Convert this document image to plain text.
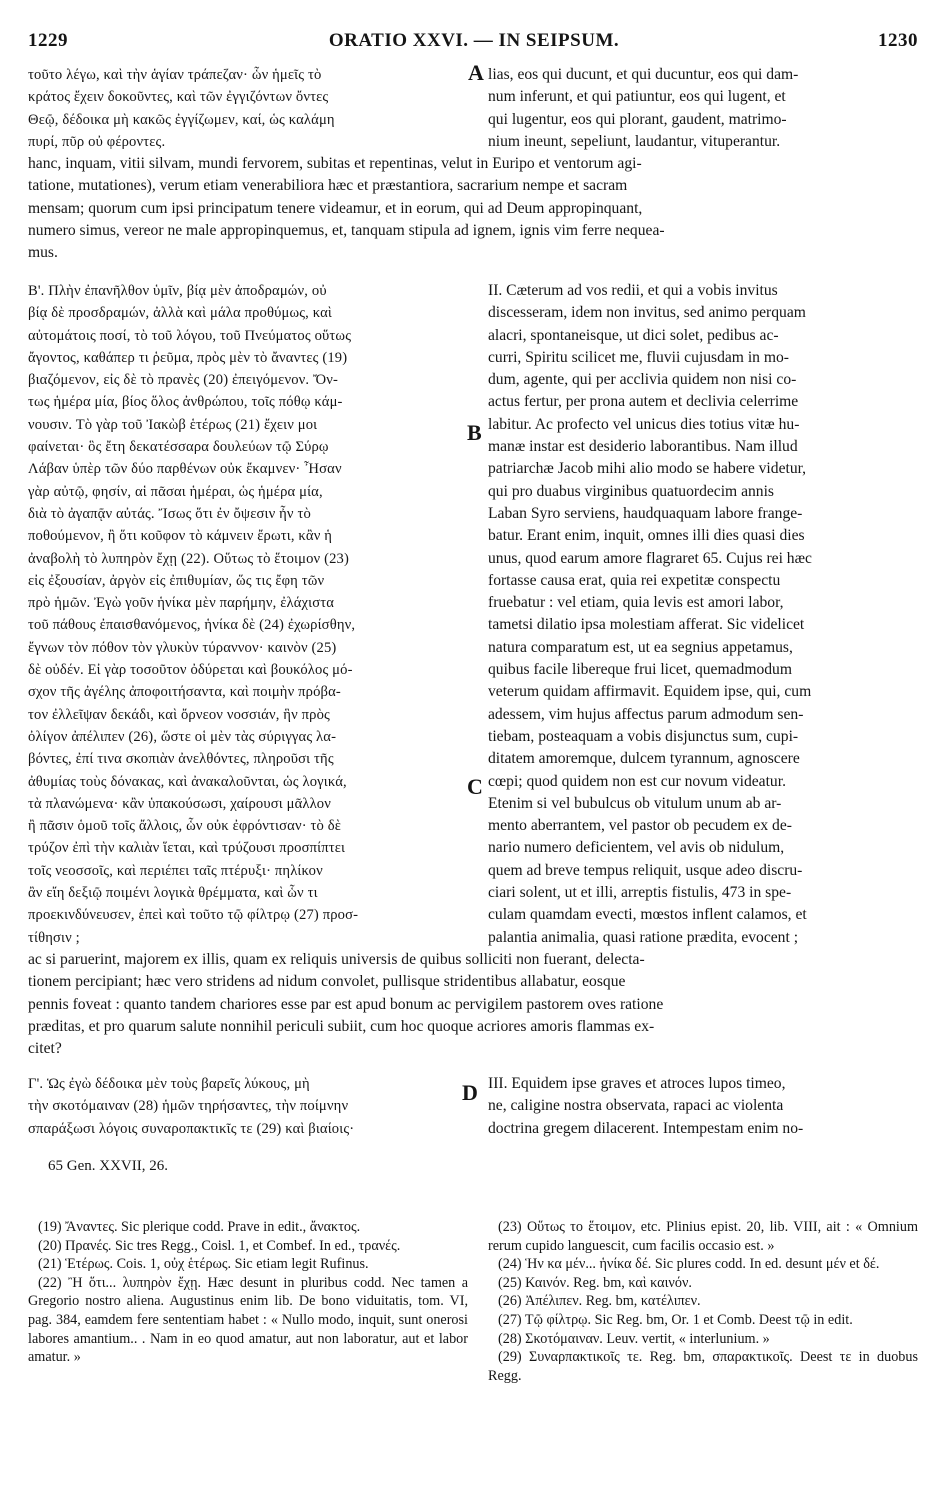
1229	ORATIO XXVI. — IN SEIPSUM.	1230
τοῦτο λέγω, καὶ τὴν ἁγίαν τράπεζαν· ὧν ἡμεῖς τὸ
κράτος ἔχειν δοκοῦντες, καὶ τῶν ἐγγιζόντων ὄντες
Θεῷ, δέδοικα μὴ κακῶς ἐγγίζωμεν, καί, ὡς καλάμη
πυρί, πῦρ οὐ φέροντες.
A lias, eos qui ducunt, et qui ducuntur, eos qui dam-
num inferunt, et qui patiuntur, eos qui lugent, et
qui lugentur, eos qui plorant, gaudent, matrimo-
nium ineunt, sepeliunt, laudantur, vituperantur.
hanc, inquam, vitii silvam, mundi fervorem, subitas et repentinas, velut in Euripo et ventorum agi-
tatione, mutationes), verum etiam venerabiliora hæc et præstantiora, sacrarium nempe et sacram
mensam; quorum cum ipsi principatum tenere videamur, et in eorum, qui ad Deum appropinquant,
numero simus, vereor ne male appropinquemus, et, tanquam stipula ad ignem, ignis vim ferre nequea-
mus.
Β'. Πλὴν ἐπανῆλθον ὑμῖν, βίᾳ μὲν ἀποδραμών, οὐ
βίᾳ δὲ προσδραμών, ἀλλὰ καὶ μάλα προθύμως, καὶ
αὐτομάτοις ποσί, τὸ τοῦ λόγου, τοῦ Πνεύματος οὕτως
ἄγοντος, καθάπερ τι ῥεῦμα, πρὸς μὲν τὸ ἄναντες (19)
βιαζόμενον, εἰς δὲ τὸ πρανὲς (20) ἐπειγόμενον. Ὄν-
τως ἡμέρα μία, βίος ὅλος ἀνθρώπου, τοῖς πόθῳ κάμ-
νουσιν. Τὸ γὰρ τοῦ Ἰακὼβ ἑτέρως (21) ἔχειν μοι
φαίνεται· ὃς ἔτη δεκατέσσαρα δουλεύων τῷ Σύρῳ
Λάβαν ὑπὲρ τῶν δύο παρθένων οὐκ ἔκαμνεν· Ἦσαν
γὰρ αὐτῷ, φησίν, αἱ πᾶσαι ἡμέραι, ὡς ἡμέρα μία,
διὰ τὸ ἀγαπᾷν αὐτάς. Ἴσως ὅτι ἐν ὄψεσιν ἦν τὸ
ποθούμενον, ἢ ὅτι κοῦφον τὸ κάμνειν ἔρωτι, κἂν ἡ
ἀναβολὴ τὸ λυπηρὸν ἔχῃ (22). Οὕτως τὸ ἕτοιμον (23)
εἰς ἐξουσίαν, ἀργὸν εἰς ἐπιθυμίαν, ὥς τις ἔφη τῶν
πρὸ ἡμῶν. Ἐγὼ γοῦν ἡνίκα μὲν παρήμην, ἐλάχιστα
τοῦ πάθους ἐπαισθανόμενος, ἡνίκα δὲ (24) ἐχωρίσθην,
ἔγνων τὸν πόθον τὸν γλυκὺν τύραννον· καινὸν (25)
δὲ οὐδέν. Εἰ γὰρ τοσοῦτον ὀδύρεται καὶ βουκόλος μό-
σχον τῆς ἀγέλης ἀποφοιτήσαντα, καὶ ποιμὴν πρόβα-
τον ἐλλεῖψαν δεκάδι, καὶ ὄρνεον νοσσιάν, ἣν πρὸς
ὀλίγον ἀπέλιπεν (26), ὥστε οἱ μὲν τὰς σύριγγας λα-
βόντες, ἐπί τινα σκοπιὰν ἀνελθόντες, πληροῦσι τῆς
ἀθυμίας τοὺς δόνακας, καὶ ἀνακαλοῦνται, ὡς λογικά,
τὰ πλανώμενα· κἂν ὑπακούσωσι, χαίρουσι μᾶλλον
ἢ πᾶσιν ὁμοῦ τοῖς ἄλλοις, ὧν οὐκ ἐφρόντισαν· τὸ δὲ
τρύζον ἐπὶ τὴν καλιὰν ἵεται, καὶ τρύζουσι προσπίπτει
τοῖς νεοσσοῖς, καὶ περιέπει ταῖς πτέρυξι· πηλίκον
ἂν εἴη δεξιῷ ποιμένι λογικὰ θρέμματα, καὶ ὧν τι
προεκινδύνευσεν, ἐπεὶ καὶ τοῦτο τῷ φίλτρῳ (27) προσ-
τίθησιν ;
B
C
II. Cæterum ad vos redii, et qui a vobis invitus
discesseram, idem non invitus, sed animo perquam
alacri, spontaneisque, ut dici solet, pedibus ac-
curri, Spiritu scilicet me, fluvii cujusdam in mo-
dum, agente, qui per acclivia quidem non nisi co-
actus fertur, per prona autem et declivia celerrime
labitur. Ac profecto vel unicus dies totius vitæ hu-
manæ instar est desiderio laborantibus. Nam illud
patriarchæ Jacob mihi alio modo se habere videtur,
qui pro duabus virginibus quatuordecim annis
Laban Syro serviens, haudquaquam labore frange-
batur. Erant enim, inquit, omnes illi dies quasi dies
unus, quod earum amore flagraret 65. Cujus rei hæc
fortasse causa erat, quia rei expetitæ conspectu
fruebatur : vel etiam, quia levis est amori labor,
tametsi dilatio ipsa molestiam afferat. Sic videlicet
natura comparatum est, ut ea segnius appetamus,
quibus facile libereque frui licet, quemadmodum
veterum quidam affirmavit. Equidem ipse, qui, cum
adessem, vim hujus affectus parum admodum sen-
tiebam, posteaquam a vobis disjunctus sum, cupi-
ditatem amoremque, dulcem tyrannum, agnoscere
cœpi; quod quidem non est cur novum videatur.
Etenim si vel bubulcus ob vitulum unum ab ar-
mento aberrantem, vel pastor ob pecudem ex de-
nario numero deficientem, vel avis ob nidulum,
quem ad breve tempus reliquit, usque adeo discru-
ciari solent, ut et illi, arreptis fistulis, 473 in spe-
culam quamdam evecti, mœstos inflent calamos, et
palantia animalia, quasi ratione prædita, evocent ;
ac si paruerint, majorem ex illis, quam ex reliquis universis de quibus solliciti non fuerant, delecta-
tionem percipiant; hæc vero stridens ad nidum convolet, pullisque stridentibus allabatur, eosque
pennis foveat : quanto tandem chariores esse par est apud bonum ac pervigilem pastorem oves ratione
præditas, et pro quarum salute nonnihil periculi subiit, cum hoc quoque acriores amoris flammas ex-
citet?
Γ'. Ὡς ἐγὼ δέδοικα μὲν τοὺς βαρεῖς λύκους, μὴ
τὴν σκοτόμαιναν (28) ἡμῶν τηρήσαντες, τὴν ποίμνην
σπαράξωσι λόγοις συναροπακτικῖς τε (29) καὶ βιαίοις·
D III. Equidem ipse graves et atroces lupos timeo,
ne, caligine nostra observata, rapaci ac violenta
doctrina gregem dilacerent. Intempestam enim no-
65 Gen. XXVII, 26.

(19) Ἄναντες. Sic plerique codd. Prave in edit., ἄνακτος.

(20) Πρανές. Sic tres Regg., Coisl. 1, et Combef. In ed., τρανές.

(21) Ἑτέρως. Cois. 1, οὐχ ἑτέρως. Sic etiam legit Rufinus.

(22) Ἢ ὅτι... λυπηρὸν ἔχῃ. Hæc desunt in pluribus codd. Nec tamen a Gregorio nostro aliena. Augustinus enim lib. De bono viduitatis, tom. VI, pag. 384, eamdem fere sententiam habet : « Nullo modo, inquit, sunt onerosi labores amantium.. . Nam in eo quod amatur, aut non laboratur, aut et labor amatur. »

(23) Οὕτως το ἕτοιμον, etc. Plinius epist. 20, lib. VIII, ait : « Omnium rerum cupido languescit, cum facilis occasio est. »

(24) Ἡν κα μέν... ἡνίκα δέ. Sic plures codd. In ed. desunt μέν et δέ.

(25) Καινόν. Reg. bm, καὶ καινόν.

(26) Ἀπέλιπεν. Reg. bm, κατέλιπεν.

(27) Τῷ φίλτρῳ. Sic Reg. bm, Or. 1 et Comb. Deest τῷ in edit.

(28) Σκοτόμαιναν. Leuv. vertit, « interlunium. »

(29) Συναρπακτικοῖς τε. Reg. bm, σπαρακτικοῖς. Deest τε in duobus Regg.
